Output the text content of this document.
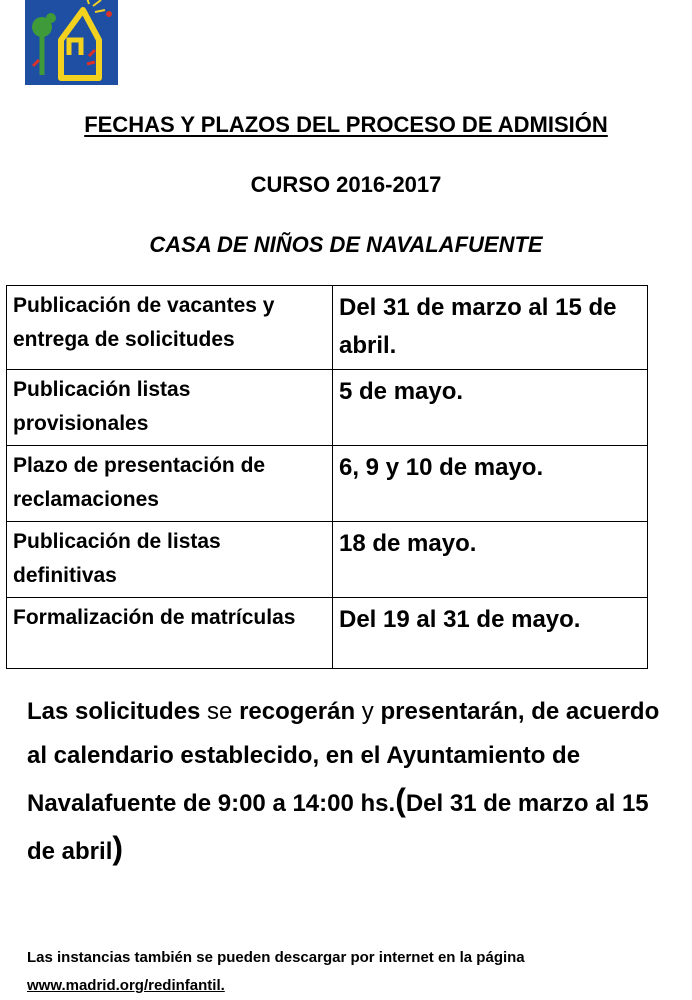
FECHAS Y PLAZOS DEL PROCESO DE ADMISIÓN
CURSO 2016-2017
CASA DE NIÑOS DE NAVALAFUENTE
Publicación de vacantes y entrega de solicitudes	Del 31 de marzo al 15 de abril.
Publicación listas provisionales	5 de mayo.
Plazo de presentación de reclamaciones	6, 9 y 10 de mayo.
Publicación de listas definitivas	18 de mayo.
Formalización de matrículas	Del 19 al 31 de mayo.

Las solicitudes se recogerán y presentarán, de acuerdo al calendario establecido, en el Ayuntamiento de Navalafuente de 9:00 a 14:00 hs.(Del 31 de marzo al 15 de abril)

Las instancias también se pueden descargar por internet en la página
www.madrid.org/redinfantil.
